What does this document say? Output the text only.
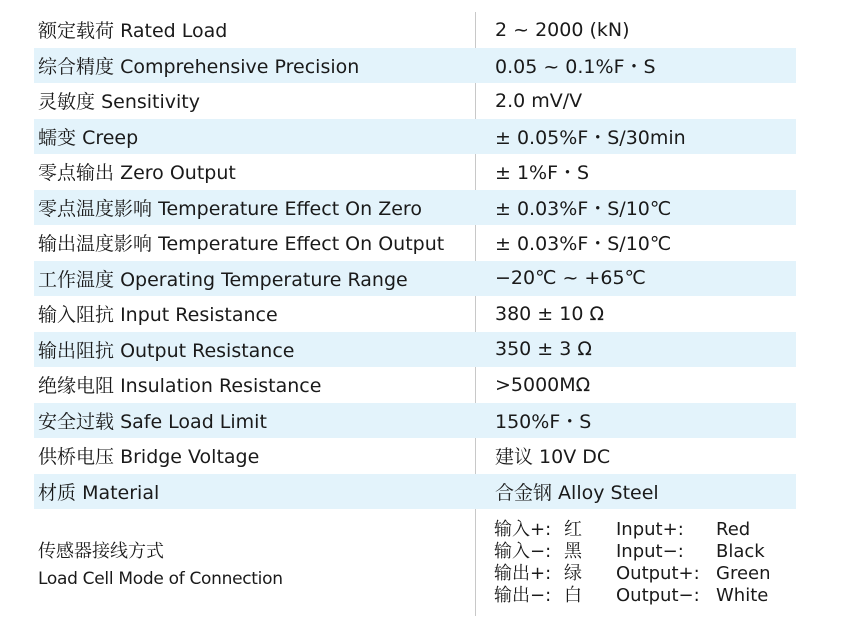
额定载荷 Rated Load	2 ~ 2000 (kN)
综合精度 Comprehensive Precision	0.05 ~ 0.1%F・S
灵敏度 Sensitivity	2.0 mV/V
蠕变 Creep	± 0.05%F・S/30min
零点输出 Zero Output	± 1%F・S
零点温度影响 Temperature Effect On Zero	± 0.03%F・S/10℃
输出温度影响 Temperature Effect On Output	± 0.03%F・S/10℃
工作温度 Operating Temperature Range	−20℃ ~ +65℃
输入阻抗 Input Resistance	380 ± 10 Ω
输出阻抗 Output Resistance	350 ± 3 Ω
绝缘电阻 Insulation Resistance	>5000MΩ
安全过载 Safe Load Limit	150%F・S
供桥电压 Bridge Voltage	建议 10V DC
材质 Material	合金钢 Alloy Steel
传感器接线方式
Load Cell Mode of Connection
输入+: 红	Input+:	Red
输入−: 黑	Input−:	Black
输出+: 绿	Output+: Green
输出−: 白	Output−: White
